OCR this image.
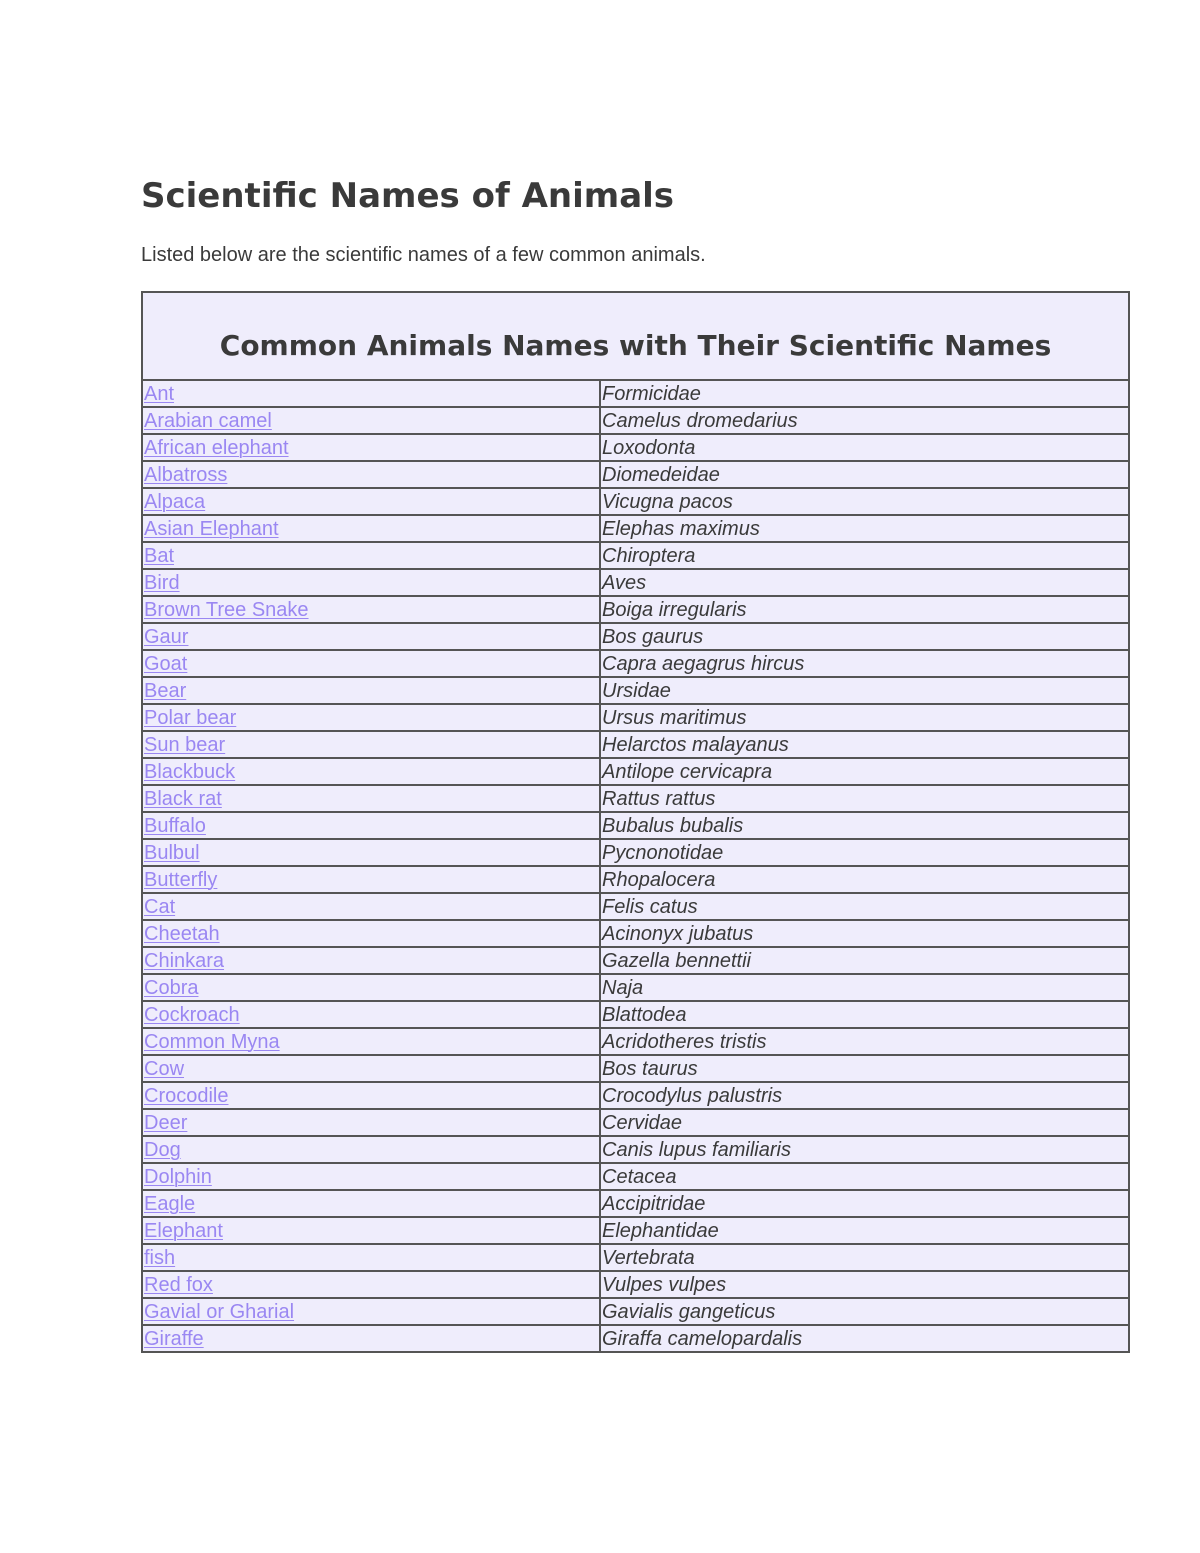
Scientific Names of Animals

Listed below are the scientific names of a few common animals.

Common Animals Names with Their Scientific Names	

Ant	Formicidae
Arabian camel	Camelus dromedarius
African elephant	Loxodonta
Albatross	Diomedeidae
Alpaca	Vicugna pacos
Asian Elephant	Elephas maximus
Bat	Chiroptera
Bird	Aves
Brown Tree Snake	Boiga irregularis
Gaur	Bos gaurus
Goat	Capra aegagrus hircus
Bear	Ursidae
Polar bear	Ursus maritimus
Sun bear	Helarctos malayanus
Blackbuck	Antilope cervicapra
Black rat	Rattus rattus
Buffalo	Bubalus bubalis
Bulbul	Pycnonotidae
Butterfly	Rhopalocera
Cat	Felis catus
Cheetah	Acinonyx jubatus
Chinkara	Gazella bennettii
Cobra	Naja
Cockroach	Blattodea
Common Myna	Acridotheres tristis
Cow	Bos taurus
Crocodile	Crocodylus palustris
Deer	Cervidae
Dog	Canis lupus familiaris
Dolphin	Cetacea
Eagle	Accipitridae
Elephant	Elephantidae
fish	Vertebrata
Red fox	Vulpes vulpes
Gavial or Gharial	Gavialis gangeticus
Giraffe	Giraffa camelopardalis
